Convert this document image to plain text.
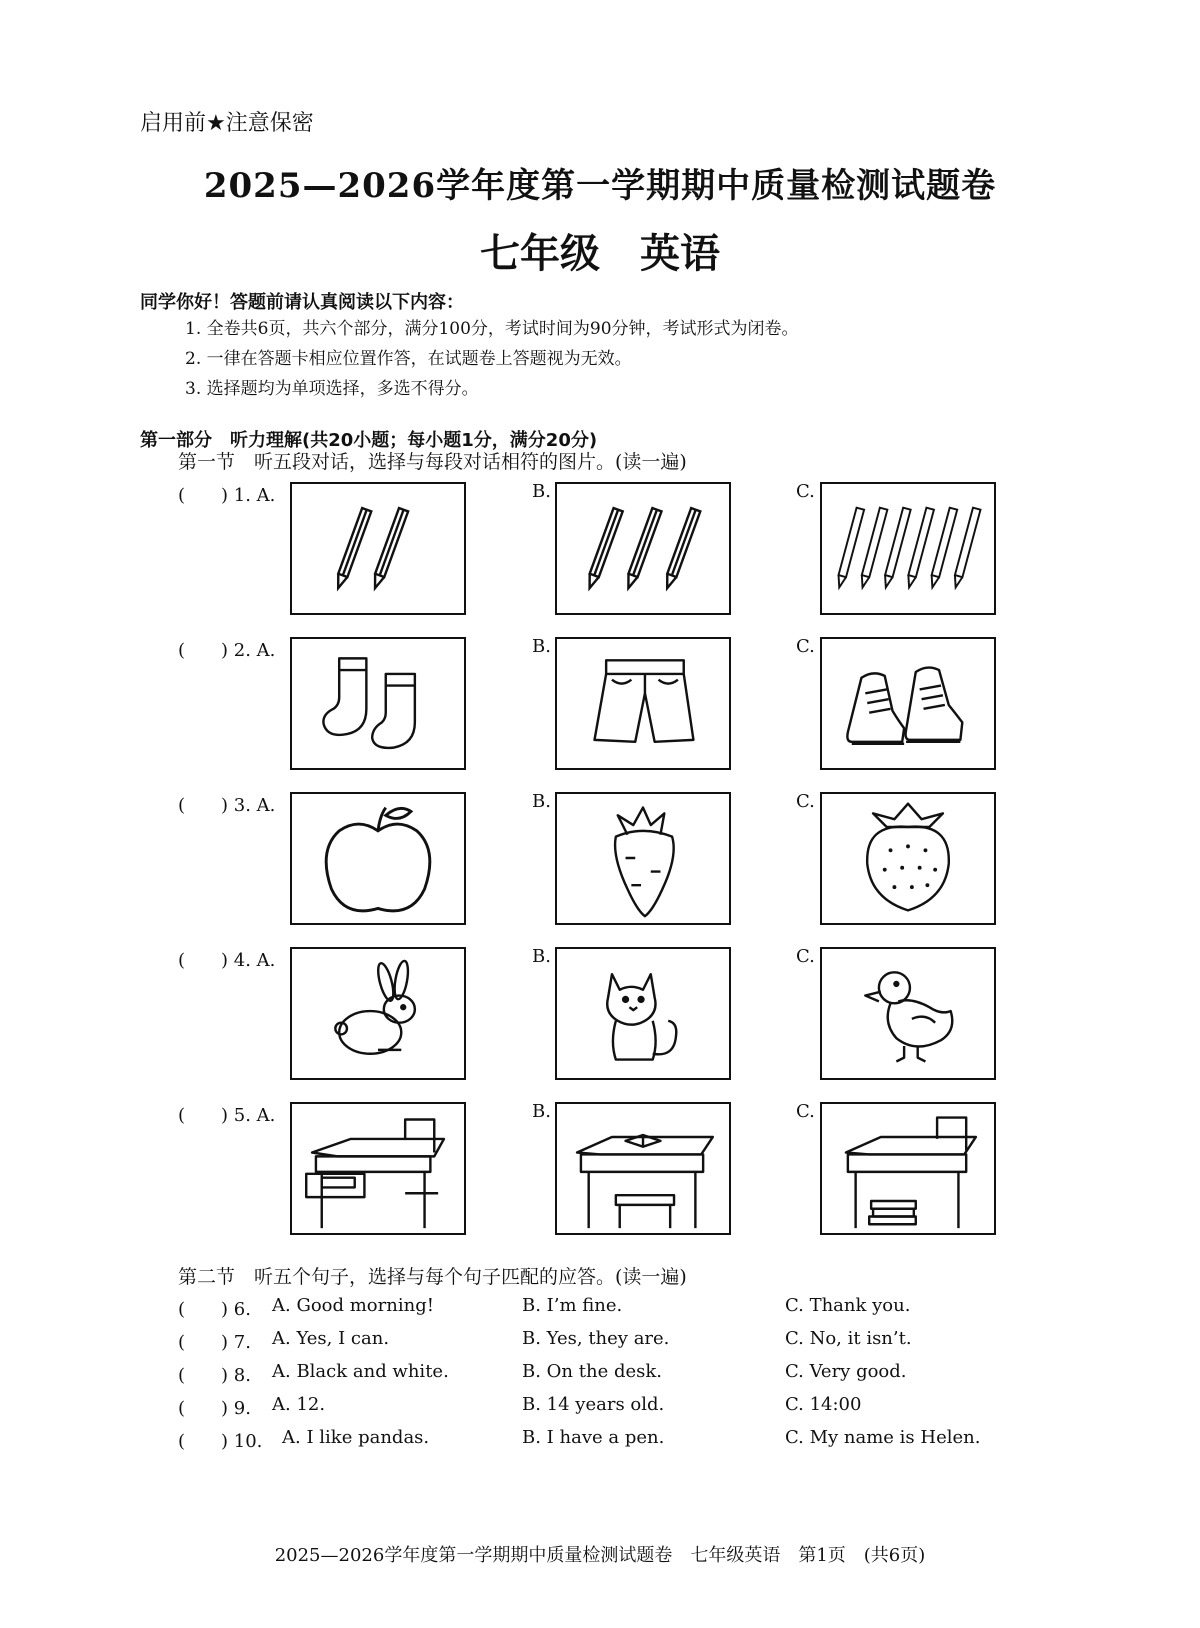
启用前★注意保密
2025—2026学年度第一学期期中质量检测试题卷
七年级　英语
同学你好！答题前请认真阅读以下内容：
1. 全卷共6页，共六个部分，满分100分，考试时间为90分钟，考试形式为闭卷。
2. 一律在答题卡相应位置作答，在试题卷上答题视为无效。
3. 选择题均为单项选择，多选不得分。
第一部分　听力理解(共20小题；每小题1分，满分20分)
第一节　听五段对话，选择与每段对话相符的图片。(读一遍)
(　　) 1. A.	B.	C.
(　　) 2. A.	B.	C.
(　　) 3. A.	B.	C.
(　　) 4. A.	B.	C.
(　　) 5. A.	B.	C.
第二节　听五个句子，选择与每个句子匹配的应答。(读一遍)
(　　) 6. A. Good morning!	B. I’m fine.	C. Thank you.
(　　) 7. A. Yes, I can.	B. Yes, they are.	C. No, it isn’t.
(　　) 8. A. Black and white.	B. On the desk.	C. Very good.
(　　) 9. A. 12.	B. 14 years old.	C. 14:00
(　　) 10. A. I like pandas.	B. I have a pen.	C. My name is Helen.
2025—2026学年度第一学期期中质量检测试题卷　七年级英语　第1页　(共6页)
